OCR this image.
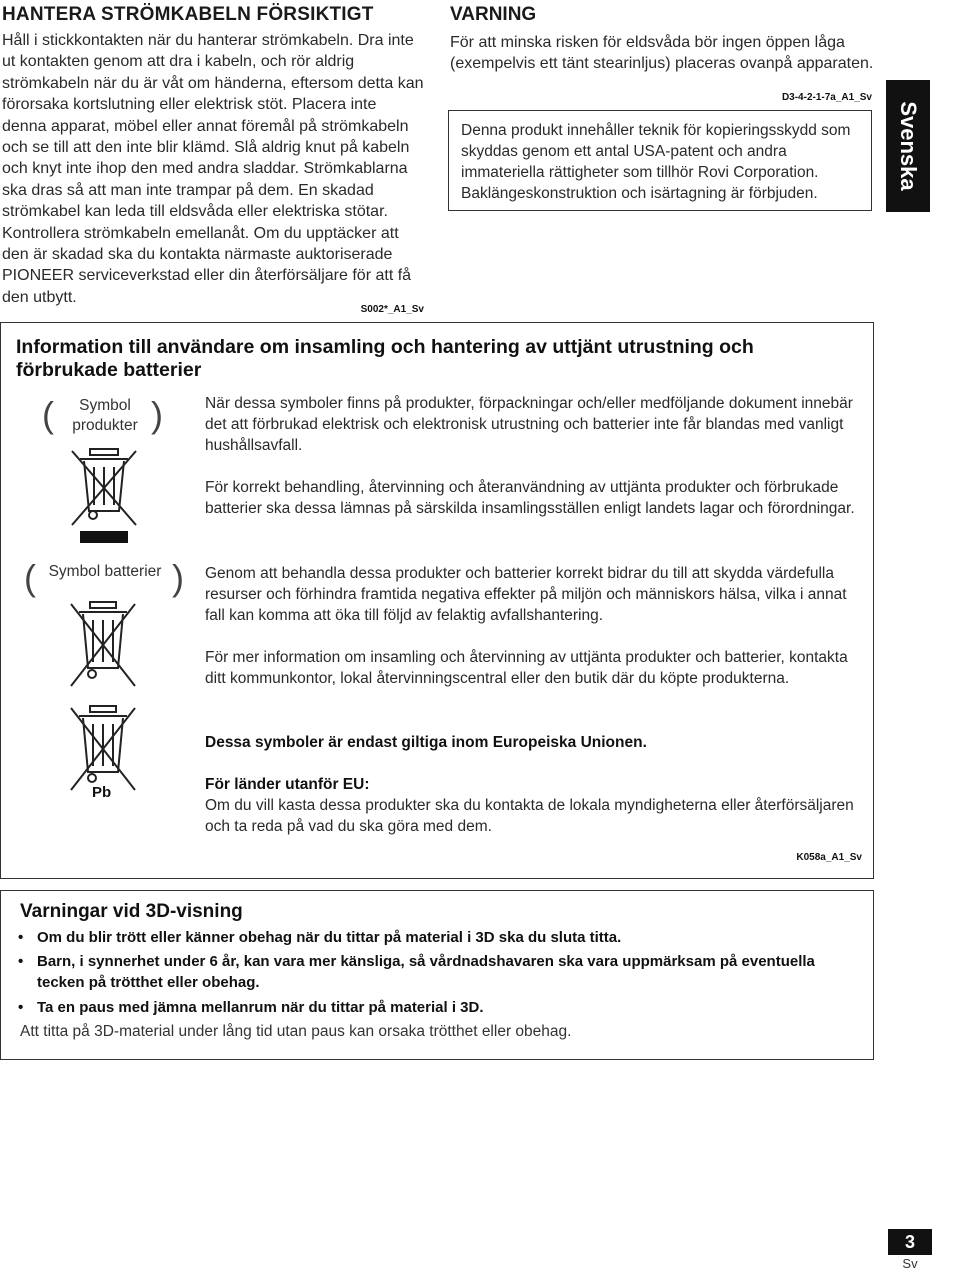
HANTERA STRÖMKABELN FÖRSIKTIGT

Håll i stickkontakten när du hanterar strömkabeln. Dra inte ut kontakten genom att dra i kabeln, och rör aldrig strömkabeln när du är våt om händerna, eftersom detta kan förorsaka kortslutning eller elektrisk stöt. Placera inte denna apparat, möbel eller annat föremål på strömkabeln och se till att den inte blir klämd. Slå aldrig knut på kabeln och knyt inte ihop den med andra sladdar. Strömkablarna ska dras så att man inte trampar på dem. En skadad strömkabel kan leda till eldsvåda eller elektriska stötar. Kontrollera strömkabeln emellanåt. Om du upptäcker att den är skadad ska du kontakta närmaste auktoriserade PIONEER serviceverkstad eller din återförsäljare för att få den utbytt.

S002*_A1_Sv
VARNING

För att minska risken för eldsvåda bör ingen öppen låga (exempelvis ett tänt stearinljus) placeras ovanpå apparaten.

D3-4-2-1-7a_A1_Sv
Denna produkt innehåller teknik för kopieringsskydd som skyddas genom ett antal USA-patent och andra immateriella rättigheter som tillhör Rovi Corporation. Baklängeskonstruktion och isärtagning är förbjuden.
Svenska
Information till användare om insamling och hantering av uttjänt utrustning och förbrukade batterier
(	Symbol
produkter )
( Symbol batterier )
Pb
När dessa symboler finns på produkter, förpackningar och/eller medföljande dokument innebär det att förbrukad elektrisk och elektronisk utrustning och batterier inte får blandas med vanligt hushållsavfall.
För korrekt behandling, återvinning och återanvändning av uttjänta produkter och förbrukade batterier ska dessa lämnas på särskilda insamlingsställen enligt landets lagar och förordningar.
Genom att behandla dessa produkter och batterier korrekt bidrar du till att skydda värdefulla resurser och förhindra framtida negativa effekter på miljön och människors hälsa, vilka i annat fall kan komma att öka till följd av felaktig avfallshantering.
För mer information om insamling och återvinning av uttjänta produkter och batterier, kontakta ditt kommunkontor, lokal återvinningscentral eller den butik där du köpte produkterna.
Dessa symboler är endast giltiga inom Europeiska Unionen.
För länder utanför EU:
Om du vill kasta dessa produkter ska du kontakta de lokala myndigheterna eller återförsäljaren och ta reda på vad du ska göra med dem.
K058a_A1_Sv
Varningar vid 3D-visning
• Om du blir trött eller känner obehag när du tittar på material i 3D ska du sluta titta.
• Barn, i synnerhet under 6 år, kan vara mer känsliga, så vårdnadshavaren ska vara uppmärksam på eventuella tecken på trötthet eller obehag.
• Ta en paus med jämna mellanrum när du tittar på material i 3D.
Att titta på 3D-material under lång tid utan paus kan orsaka trötthet eller obehag.
3
Sv
